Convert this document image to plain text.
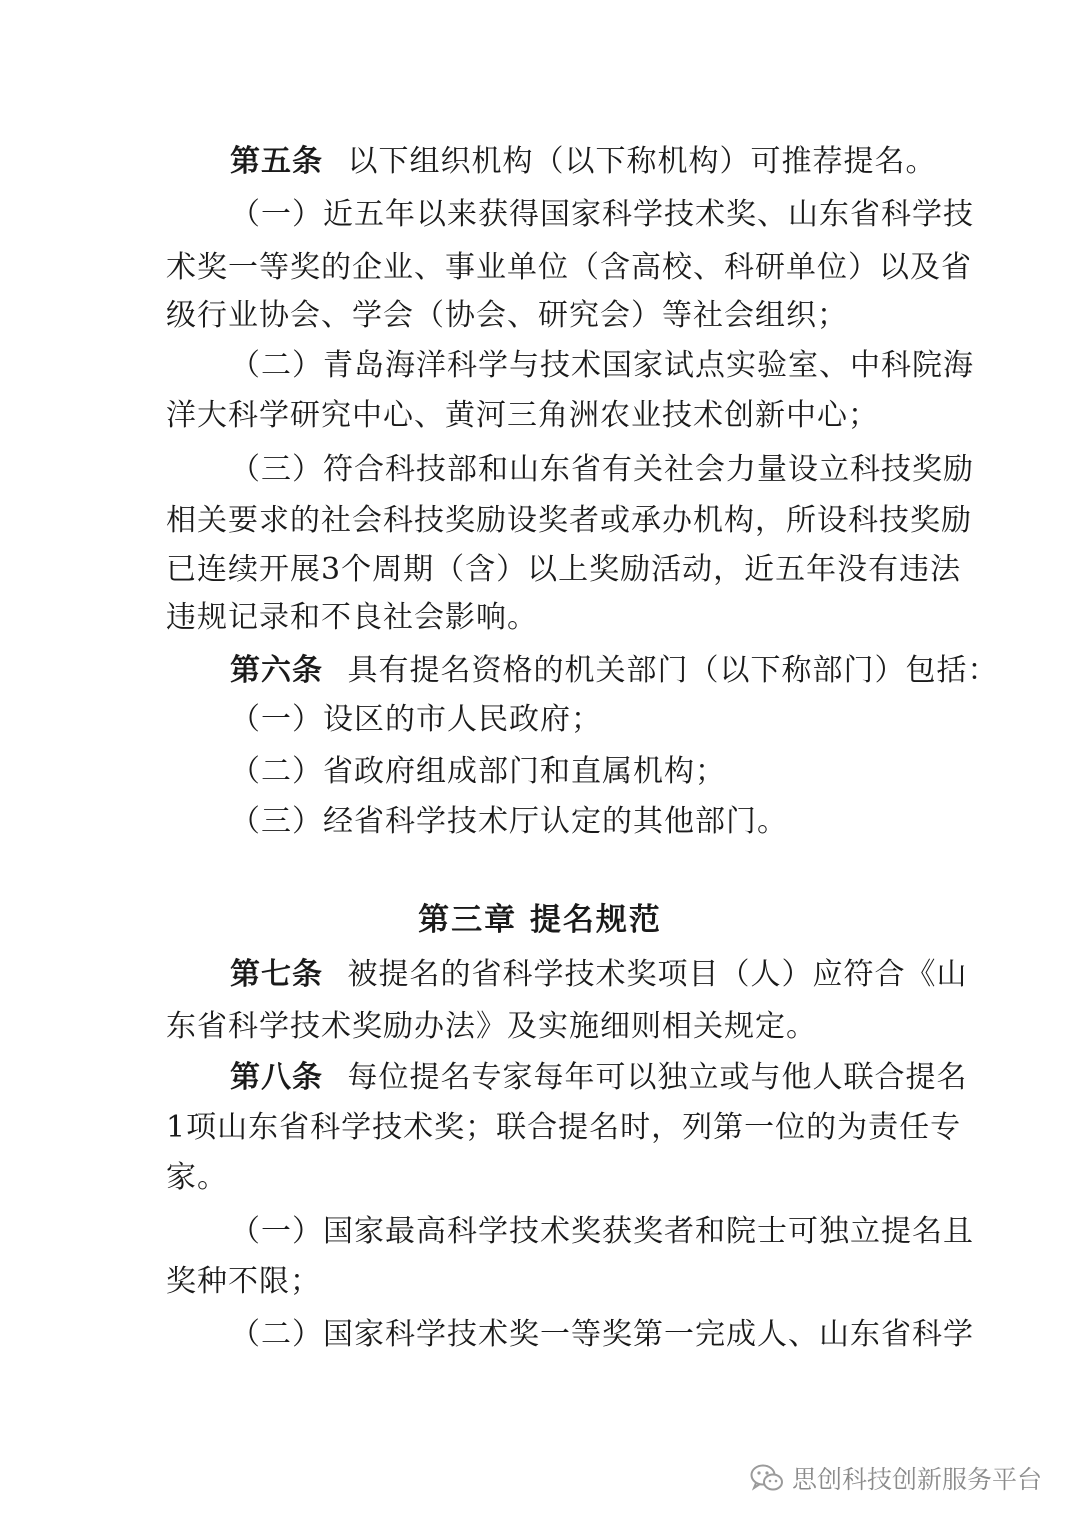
第五条 以下组织机构（以下称机构）可推荐提名。
（一）近五年以来获得国家科学技术奖、山东省科学技
术奖一等奖的企业、事业单位（含高校、科研单位）以及省
级行业协会、学会（协会、研究会）等社会组织；
（二）青岛海洋科学与技术国家试点实验室、中科院海
洋大科学研究中心、黄河三角洲农业技术创新中心；
（三）符合科技部和山东省有关社会力量设立科技奖励
相关要求的社会科技奖励设奖者或承办机构，所设科技奖励
已连续开展3个周期（含）以上奖励活动，近五年没有违法
违规记录和不良社会影响。
第六条 具有提名资格的机关部门（以下称部门）包括：
（一）设区的市人民政府；
（二）省政府组成部门和直属机构；
（三）经省科学技术厅认定的其他部门。
第三章 提名规范
第七条 被提名的省科学技术奖项目（人）应符合《山
东省科学技术奖励办法》及实施细则相关规定。
第八条 每位提名专家每年可以独立或与他人联合提名
1项山东省科学技术奖；联合提名时，列第一位的为责任专
家。
（一）国家最高科学技术奖获奖者和院士可独立提名且
奖种不限；
（二）国家科学技术奖一等奖第一完成人、山东省科学
思创科技创新服务平台
